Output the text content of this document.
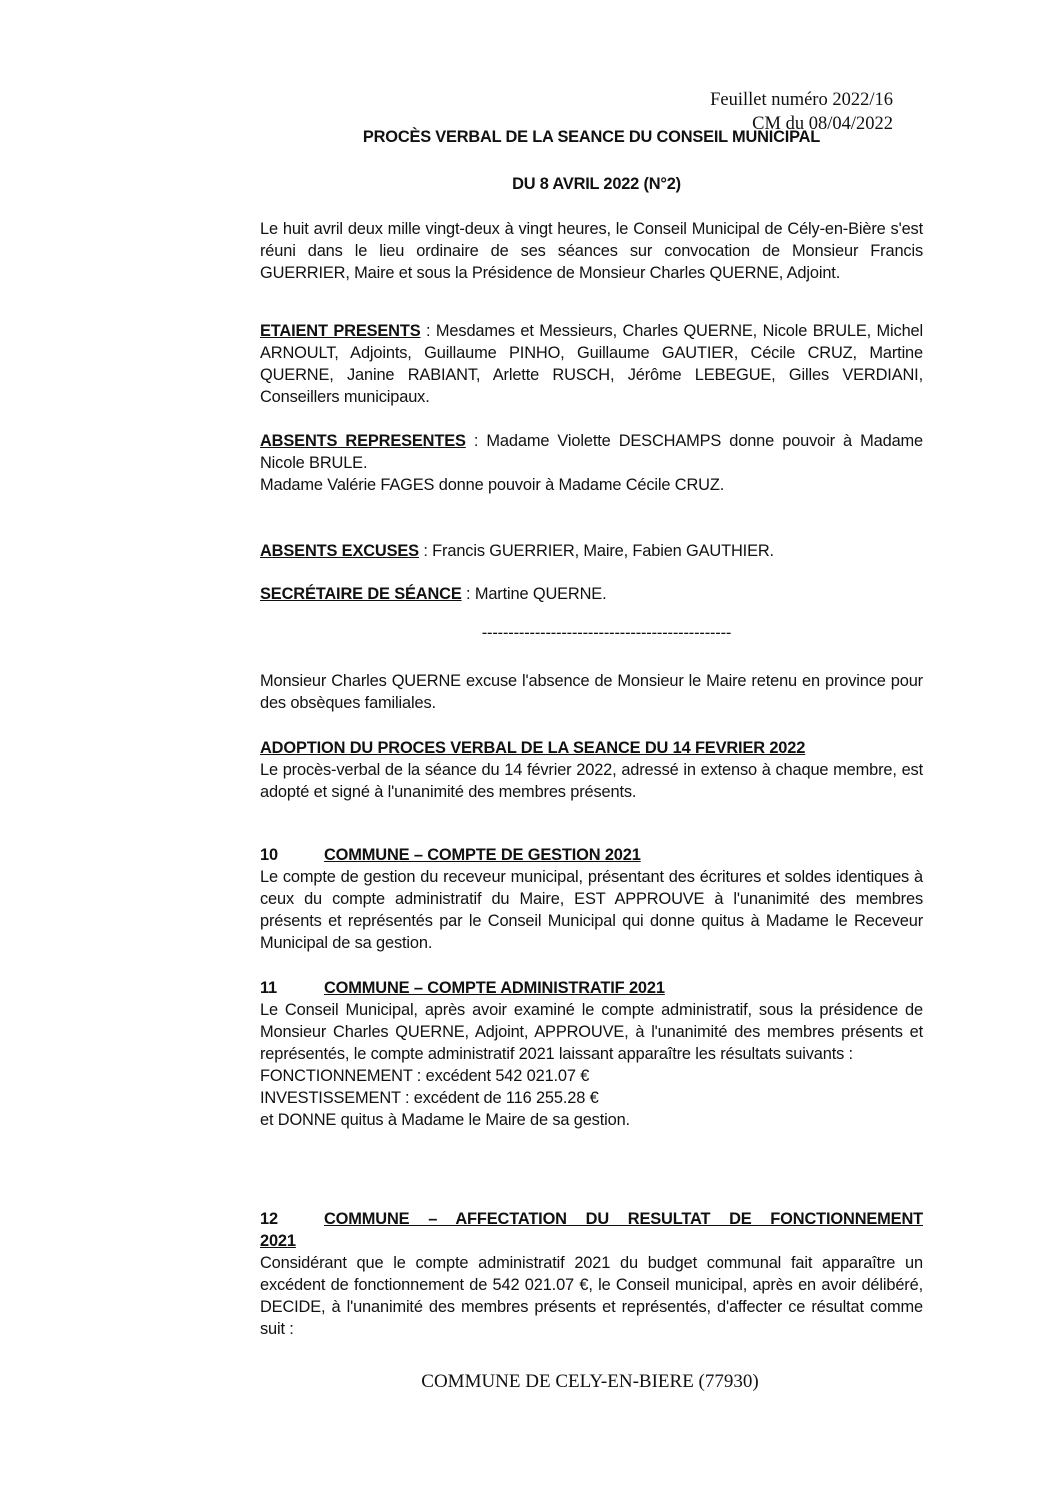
Feuillet numéro 2022/16
CM du 08/04/2022
PROCÈS VERBAL DE LA SEANCE DU CONSEIL MUNICIPAL
DU 8 AVRIL 2022 (N°2)
Le huit avril deux mille vingt-deux à vingt heures, le Conseil Municipal de Cély-en-Bière s'est réuni dans le lieu ordinaire de ses séances sur convocation de Monsieur Francis GUERRIER, Maire et sous la Présidence de Monsieur Charles QUERNE, Adjoint.
ETAIENT PRESENTS : Mesdames et Messieurs, Charles QUERNE, Nicole BRULE, Michel ARNOULT, Adjoints, Guillaume PINHO, Guillaume GAUTIER, Cécile CRUZ, Martine QUERNE, Janine RABIANT, Arlette RUSCH, Jérôme LEBEGUE, Gilles VERDIANI, Conseillers municipaux.
ABSENTS REPRESENTES : Madame Violette DESCHAMPS donne pouvoir à Madame Nicole BRULE.
Madame Valérie FAGES donne pouvoir à Madame Cécile CRUZ.
ABSENTS EXCUSES : Francis GUERRIER, Maire, Fabien GAUTHIER.
SECRÉTAIRE DE SÉANCE : Martine QUERNE.
-----------------------------------------------
Monsieur Charles QUERNE excuse l'absence de Monsieur le Maire retenu en province pour des obsèques familiales.
ADOPTION DU PROCES VERBAL DE LA SEANCE DU 14 FEVRIER 2022
Le procès-verbal de la séance du 14 février 2022, adressé in extenso à chaque membre, est adopté et signé à l'unanimité des membres présents.
10	COMMUNE – COMPTE DE GESTION 2021
Le compte de gestion du receveur municipal, présentant des écritures et soldes identiques à ceux du compte administratif du Maire, EST APPROUVE à l'unanimité des membres présents et représentés par le Conseil Municipal qui donne quitus à Madame le Receveur Municipal de sa gestion.
11	COMMUNE – COMPTE ADMINISTRATIF 2021
Le Conseil Municipal, après avoir examiné le compte administratif, sous la présidence de Monsieur Charles QUERNE, Adjoint, APPROUVE, à l'unanimité des membres présents et représentés, le compte administratif 2021 laissant apparaître les résultats suivants :
FONCTIONNEMENT : excédent 542 021.07 €
INVESTISSEMENT : excédent de 116 255.28 €
et DONNE quitus à Madame le Maire de sa gestion.
12	COMMUNE – AFFECTATION DU RESULTAT DE FONCTIONNEMENT
2021
Considérant que le compte administratif 2021 du budget communal fait apparaître un excédent de fonctionnement de 542 021.07 €, le Conseil municipal, après en avoir délibéré, DECIDE, à l'unanimité des membres présents et représentés, d'affecter ce résultat comme suit :
COMMUNE DE CELY-EN-BIERE (77930)
